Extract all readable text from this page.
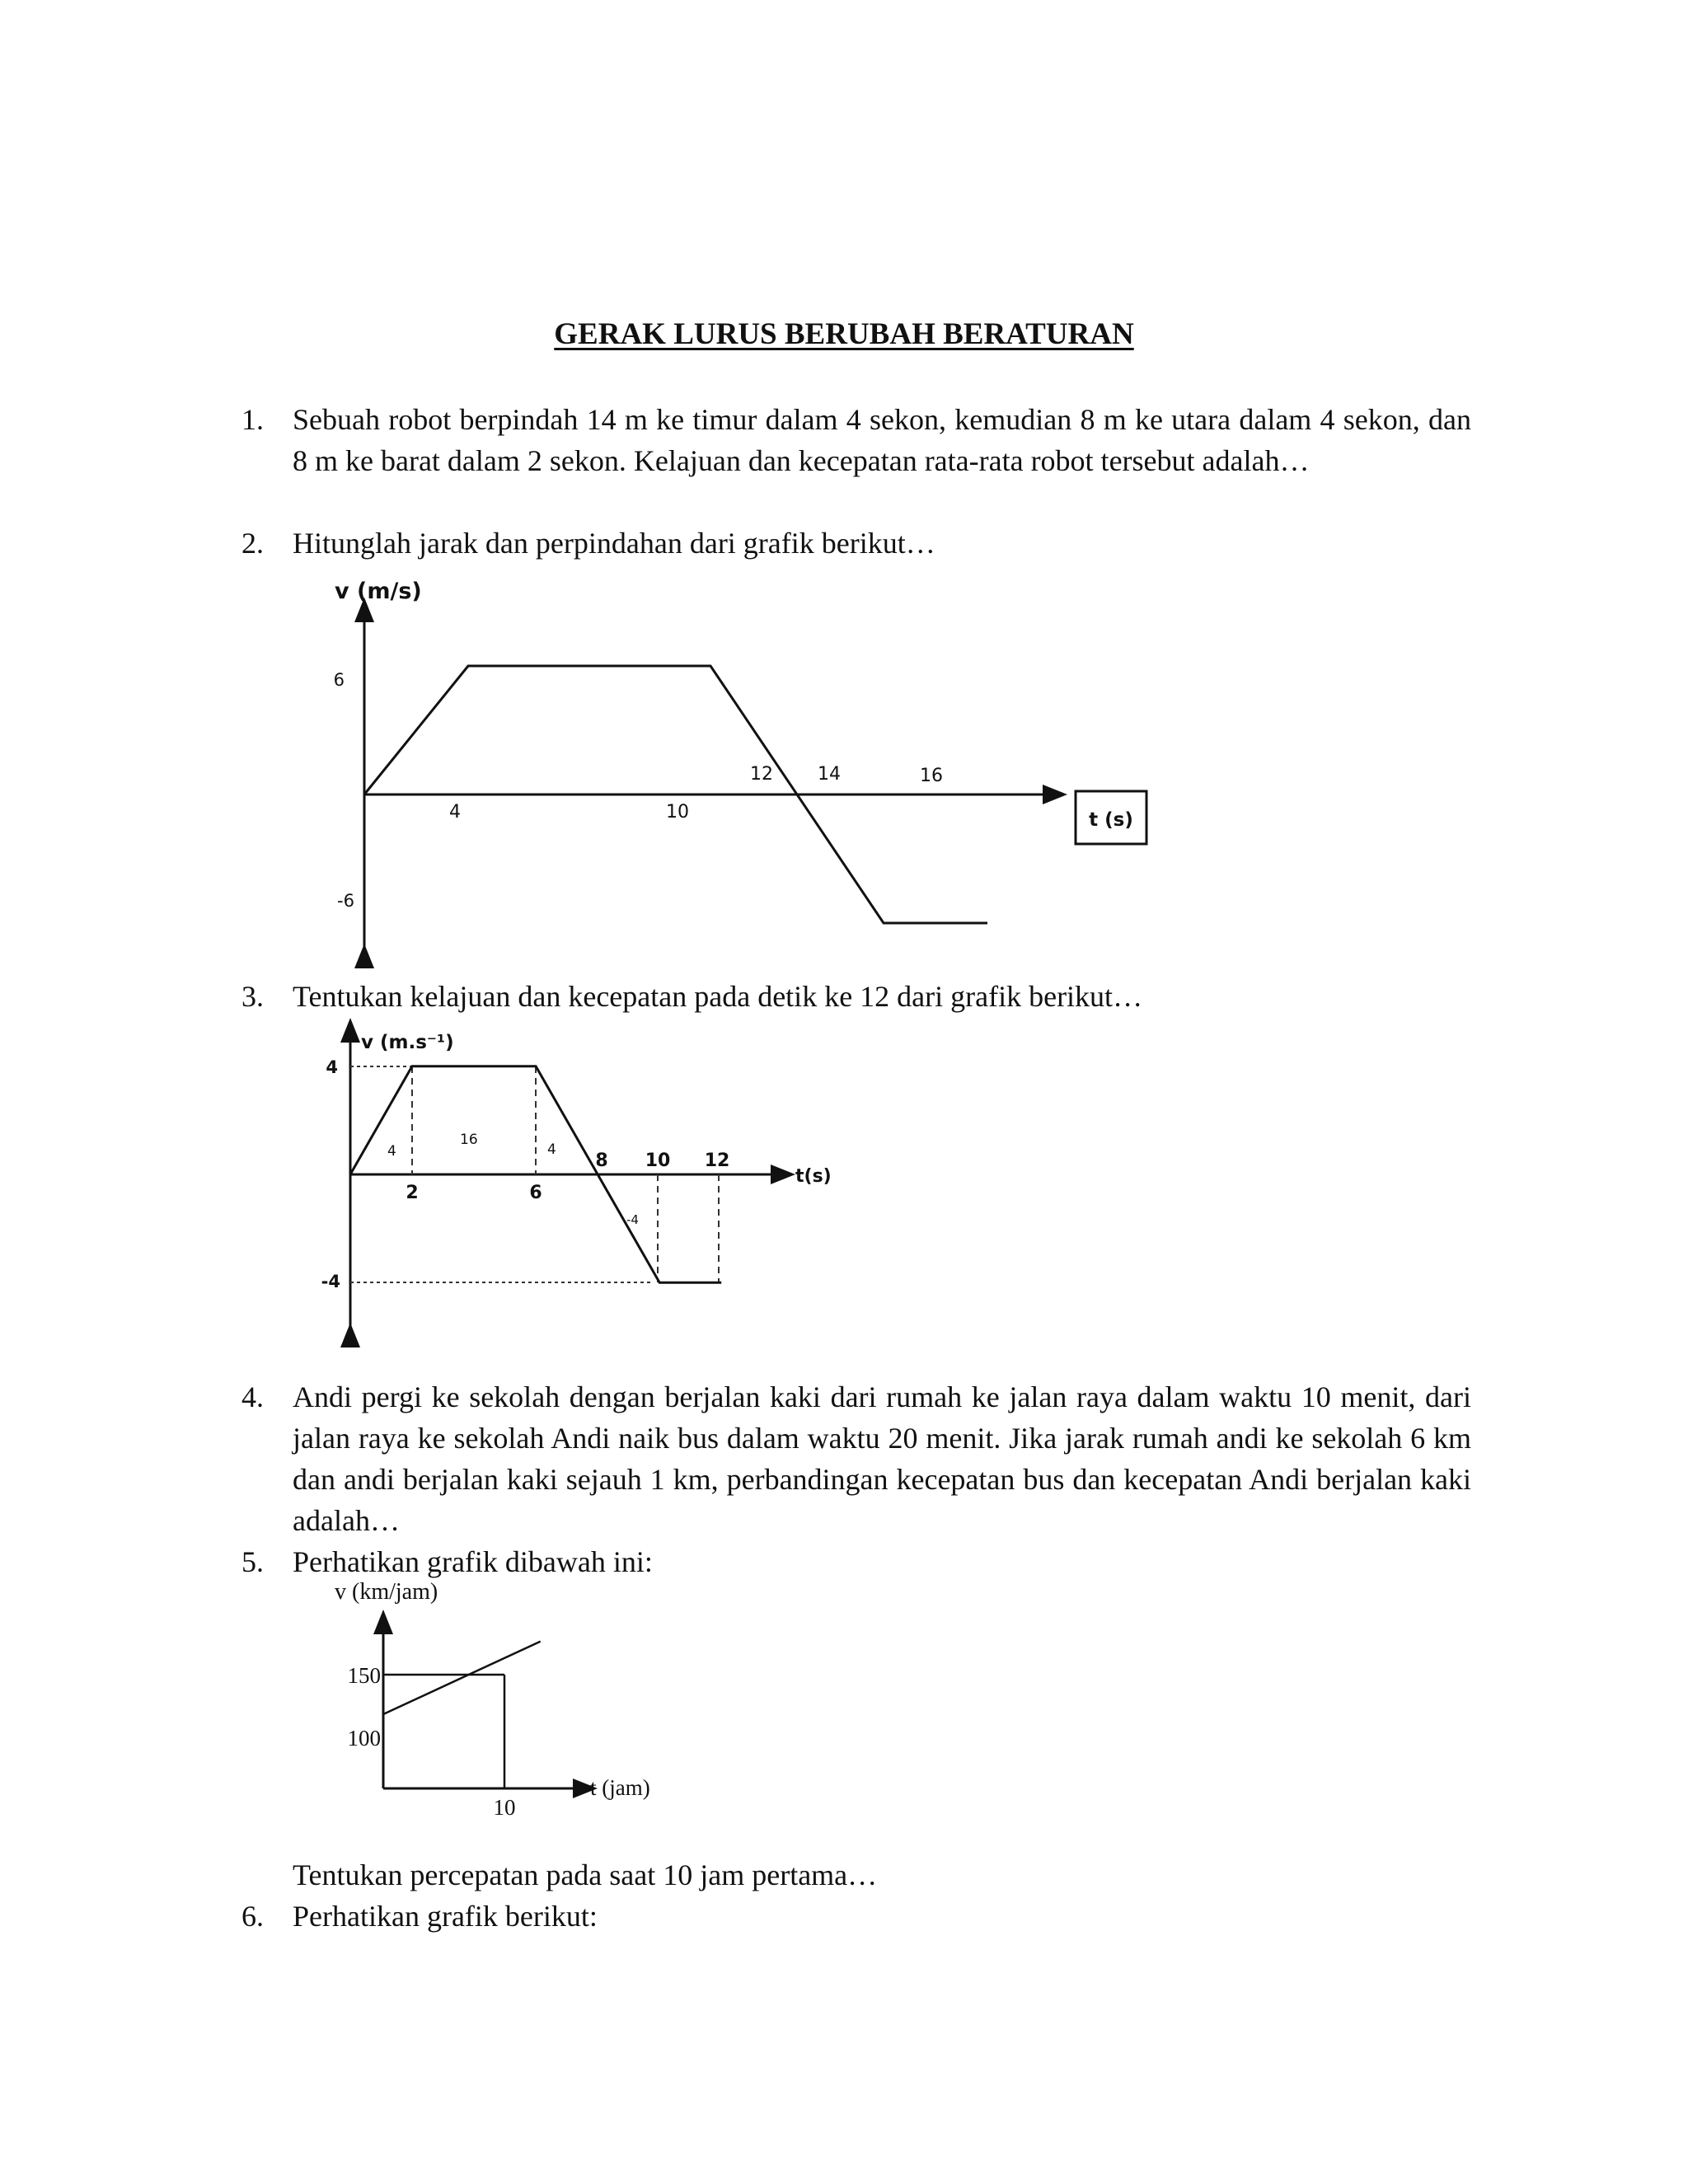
GERAK LURUS BERUBAH BERATURAN
1. Sebuah robot berpindah 14 m ke timur dalam 4 sekon, kemudian 8 m ke utara dalam 4 sekon, dan 8 m ke barat dalam 2 sekon. Kelajuan dan kecepatan rata-rata robot tersebut adalah…

2. Hitunglah jarak dan perpindahan dari grafik berikut…

v (m/s)
6
-6
4	10
12 14	16
t (s)
3. Tentukan kelajuan dan kecepatan pada detik ke 12 dari grafik berikut…

v (m.s⁻¹)
4
-4
2	6
8 10 12
t(s)
4
16
4
-4
4. Andi pergi ke sekolah dengan berjalan kaki dari rumah ke jalan raya dalam waktu 10 menit, dari jalan raya ke sekolah Andi naik bus dalam waktu 20 menit. Jika jarak rumah andi ke sekolah 6 km dan andi berjalan kaki sejauh 1 km, perbandingan kecepatan bus dan kecepatan Andi berjalan kaki adalah…

5. Perhatikan grafik dibawah ini:

v (km/jam)
150
100
10
t (jam)

Tentukan percepatan pada saat 10 jam pertama…

6. Perhatikan grafik berikut:
